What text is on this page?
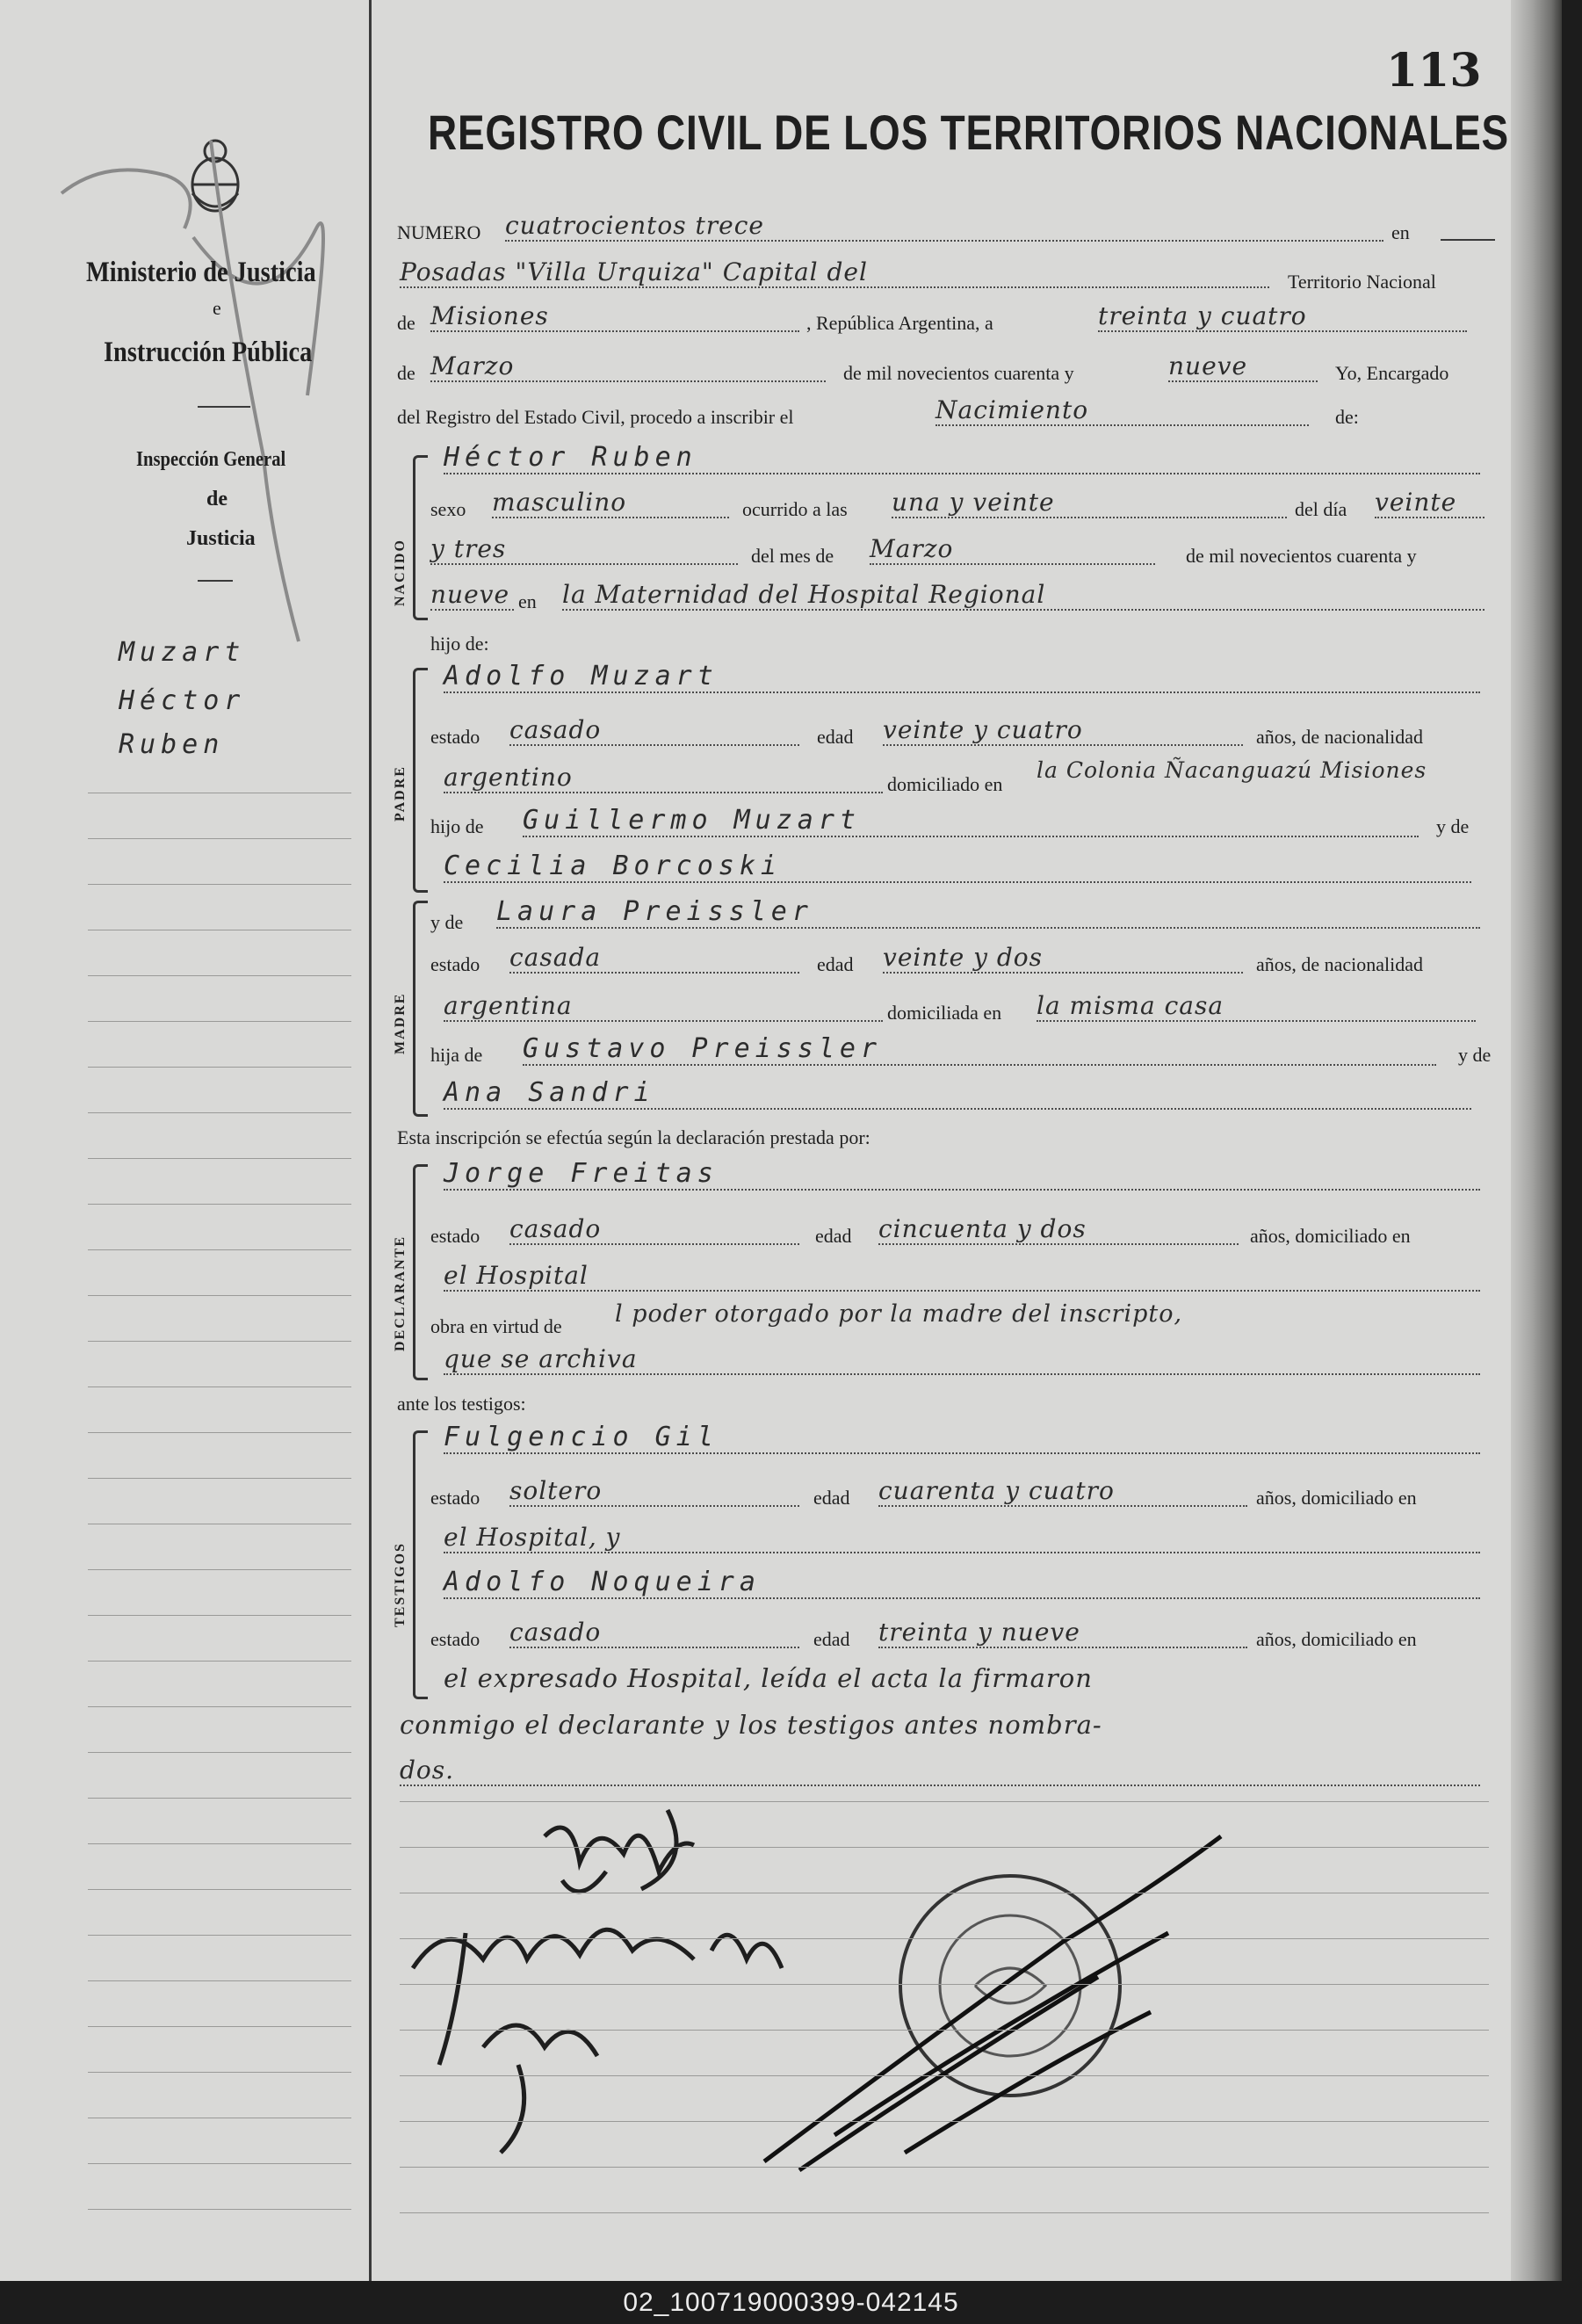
113
REGISTRO CIVIL DE LOS TERRITORIOS NACIONALES
Ministerio de Justicia
e
Instrucción Pública
Inspección General
de
Justicia
Muzart
Héctor
Ruben
NUMERO cuatrocientos trece	en
Posadas "Villa Urquiza" Capital del	Territorio Nacional
de Misiones	, República Argentina, a	treinta y cuatro
de Marzo	de mil novecientos cuarenta y	nueve	Yo, Encargado
del Registro del Estado Civil, procedo a inscribir el	Nacimiento	de:
NACIDO
Héctor Ruben
sexo masculino	ocurrido a las una y veinte	del día veinte
y tres	del mes de Marzo	de mil novecientos cuarenta y
nueve en la Maternidad del Hospital Regional
hijo de:
PADRE
Adolfo Muzart
estado casado	edad veinte y cuatro	años, de nacionalidad
argentino	domiciliado en
la Colonia Ñacanguazú Misiones
hijo de Guillermo Muzart	y de
Cecilia Borcoski
MADRE
y de Laura Preissler
estado casada	edad veinte y dos	años, de nacionalidad
argentina	domiciliada en la misma casa
hija de Gustavo Preissler	y de
Ana Sandri
Esta inscripción se efectúa según la declaración prestada por:
DECLARANTE
Jorge Freitas
estado casado	edad cincuenta y dos	años, domiciliado en
el Hospital
obra en virtud de l poder otorgado por la madre del inscripto,
que se archiva
ante los testigos:
TESTIGOS
Fulgencio Gil
estado soltero	edad cuarenta y cuatro	años, domiciliado en
el Hospital, y
Adolfo Noqueira
estado casado	edad treinta y nueve	años, domiciliado en
el expresado Hospital, leída el acta la firmaron
conmigo el declarante y los testigos antes nombra-
dos.
02_100719000399-042145
